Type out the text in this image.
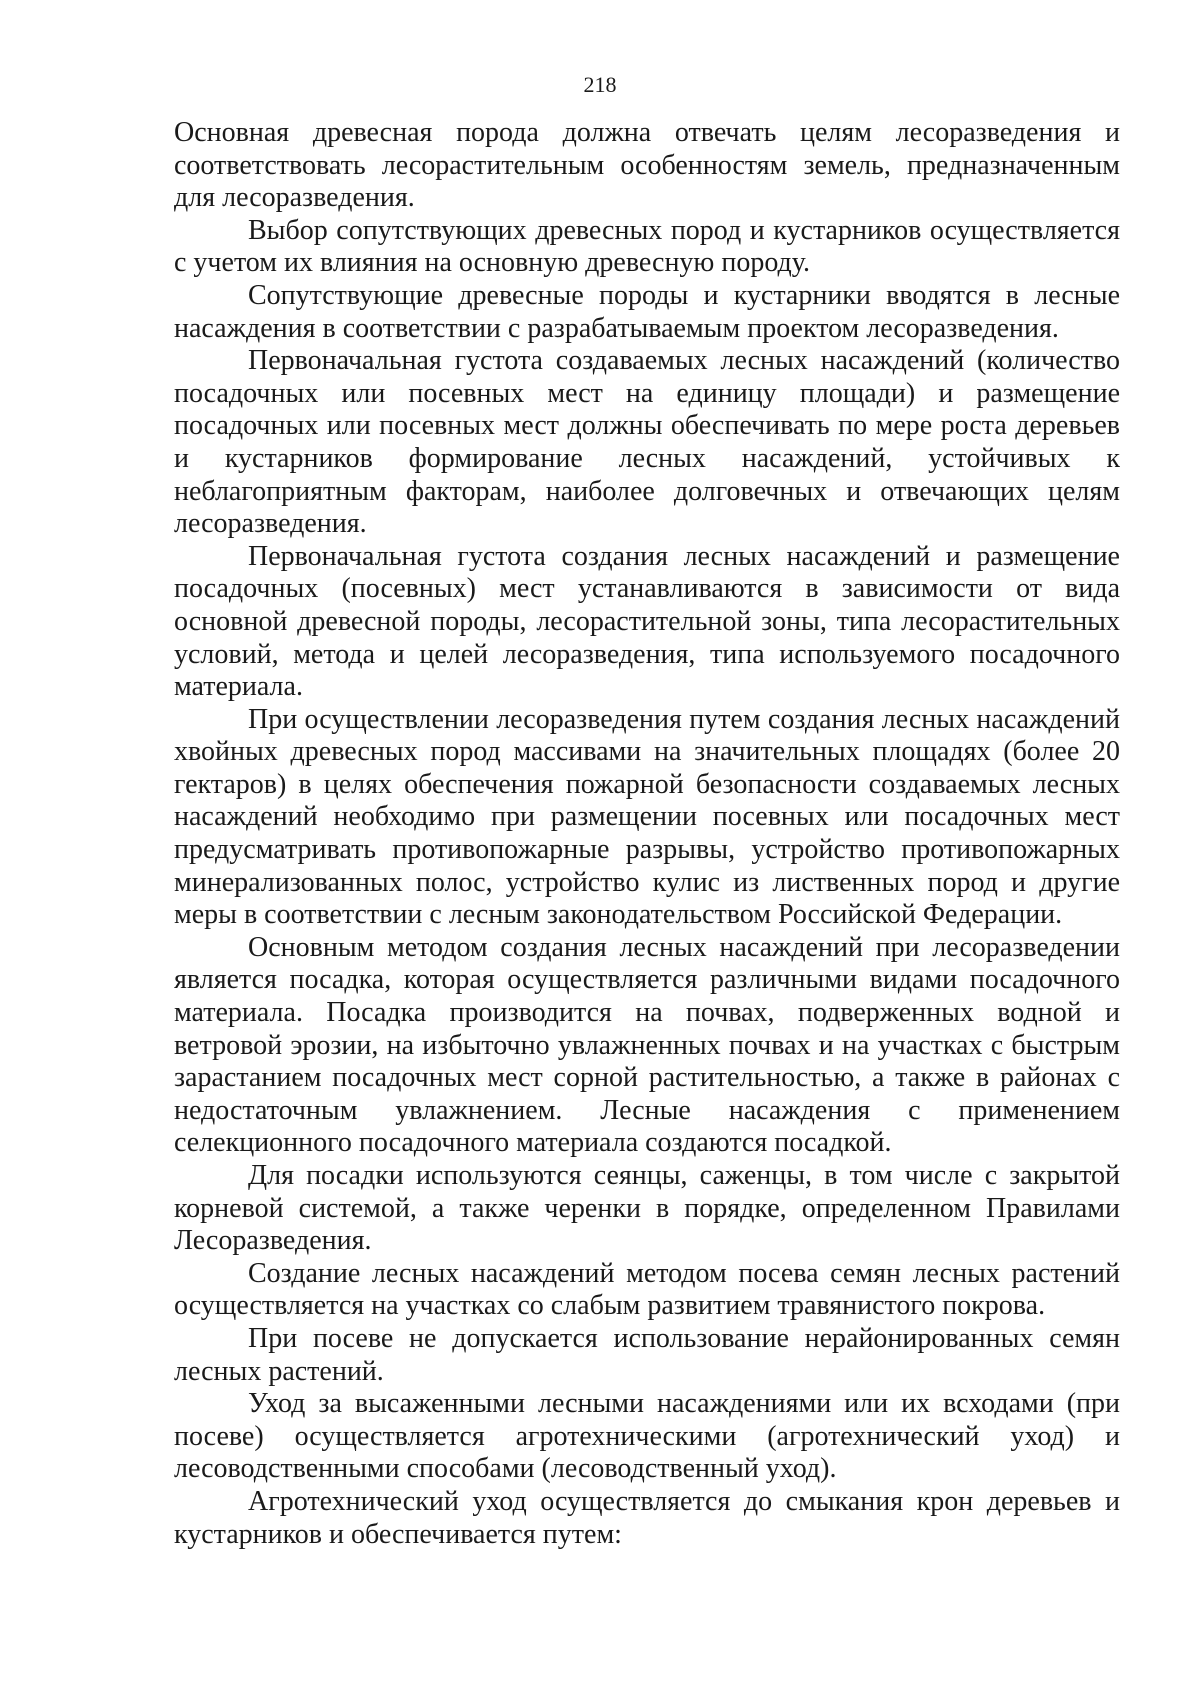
218

Основная древесная порода должна отвечать целям лесоразведения и соответствовать лесорастительным особенностям земель, предназначенным для лесоразведения.

Выбор сопутствующих древесных пород и кустарников осуществляется с учетом их влияния на основную древесную породу.

Сопутствующие древесные породы и кустарники вводятся в лесные насаждения в соответствии с разрабатываемым проектом лесоразведения.

Первоначальная густота создаваемых лесных насаждений (количество посадочных или посевных мест на единицу площади) и размещение посадочных или посевных мест должны обеспечивать по мере роста деревьев и кустарников формирование лесных насаждений, устойчивых к неблагоприятным факторам, наиболее долговечных и отвечающих целям лесоразведения.

Первоначальная густота создания лесных насаждений и размещение посадочных (посевных) мест устанавливаются в зависимости от вида основной древесной породы, лесорастительной зоны, типа лесорастительных условий, метода и целей лесоразведения, типа используемого посадочного материала.

При осуществлении лесоразведения путем создания лесных насаждений хвойных древесных пород массивами на значительных площадях (более 20 гектаров) в целях обеспечения пожарной безопасности создаваемых лесных насаждений необходимо при размещении посевных или посадочных мест предусматривать противопожарные разрывы, устройство противопожарных минерализованных полос, устройство кулис из лиственных пород и другие меры в соответствии с лесным законодательством Российской Федерации.

Основным методом создания лесных насаждений при лесоразведении является посадка, которая осуществляется различными видами посадочного материала. Посадка производится на почвах, подверженных водной и ветровой эрозии, на избыточно увлажненных почвах и на участках с быстрым зарастанием посадочных мест сорной растительностью, а также в районах с недостаточным увлажнением. Лесные насаждения с применением селекционного посадочного материала создаются посадкой.

Для посадки используются сеянцы, саженцы, в том числе с закрытой корневой системой, а также черенки в порядке, определенном Правилами Лесоразведения.

Создание лесных насаждений методом посева семян лесных растений осуществляется на участках со слабым развитием травянистого покрова.

При посеве не допускается использование нерайонированных семян лесных растений.

Уход за высаженными лесными насаждениями или их всходами (при посеве) осуществляется агротехническими (агротехнический уход) и лесоводственными способами (лесоводственный уход).

Агротехнический уход осуществляется до смыкания крон деревьев и кустарников и обеспечивается путем:
